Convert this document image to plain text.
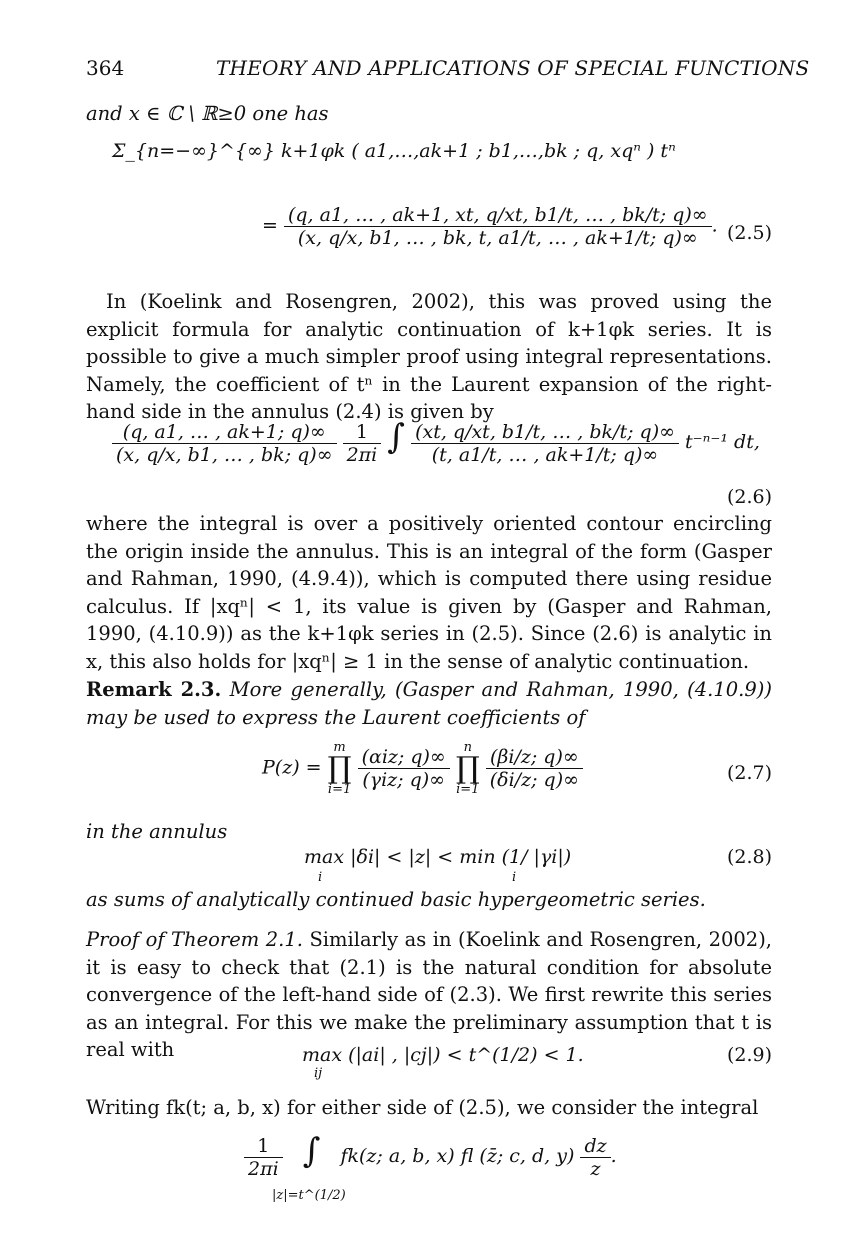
364	THEORY AND APPLICATIONS OF SPECIAL FUNCTIONS
and x ∈ ℂ \ ℝ≥0 one has
Σ_{n=−∞}^{∞} k+1φk ( a1,…,ak+1 ; b1,…,bk ; q, xqⁿ ) tⁿ
= $\frac{(q, a1, \dots , ak+1, xt, q/xt, b1/t, \dots , bk/t; q)\infty}{(x, q/x, b1, \dots , bk, t, a1/t, \dots , ak+1/t; q)\infty}$ . (2.5)
In (Koelink and Rosengren, 2002), this was proved using the explicit formula for analytic continuation of k+1φk series. It is possible to give a much simpler proof using integral representations. Namely, the coefficient of tⁿ in the Laurent expansion of the right-hand side in the annulus (2.4) is given by
$\frac{(q, a1, \dots , ak+1; q)\infty}{(x, q/x, b1, \dots , bk; q)\infty}$
$\frac{1}{2\pi i}$ ∫ $\frac{(xt, q/xt, b1/t, \dots , bk/t; q)\infty}{(t, a1/t, \dots , ak+1/t; q)\infty} t^{-n-1}$ dt,
(2.6)
where the integral is over a positively oriented contour encircling the origin inside the annulus. This is an integral of the form (Gasper and Rahman, 1990, (4.9.4)), which is computed there using residue calculus. If |xqⁿ| < 1, its value is given by (Gasper and Rahman, 1990, (4.10.9)) as the k+1φk series in (2.5). Since (2.6) is analytic in x, this also holds for |xqⁿ| ≥ 1 in the sense of analytic continuation.
Remark 2.3. More generally, (Gasper and Rahman, 1990, (4.10.9)) may be used to express the Laurent coefficients of
P(z) =
m
∏
i=1
$\frac{\text{(αiz; q)∞}}{\text{(γiz; q)∞}}$
	n
∏
i=1
$\frac{(\beta i/z; q)\infty}{(\delta i/z; q)\infty}$	(2.7)
in the annulus
max |δi| < |z| < min (1/ |γi|)
i	i
(2.8)
as sums of analytically continued basic hypergeometric series.
Proof of Theorem 2.1. Similarly as in (Koelink and Rosengren, 2002), it is easy to check that (2.1) is the natural condition for absolute convergence of the left-hand side of (2.3). We first rewrite this series as an integral. For this we make the preliminary assumption that t is real with	max (|ai| , |cj|) < t^(1/2) < 1.
ij
(2.9)
Writing fk(t; a, b, x) for either side of (2.5), we consider the integral
$\frac{1}{2\pi i}$ ∫ fk(z; a, b, x) fl (z̄; c, d, $y) \frac{dz}{z}$ .
|z|=t^(1/2)
